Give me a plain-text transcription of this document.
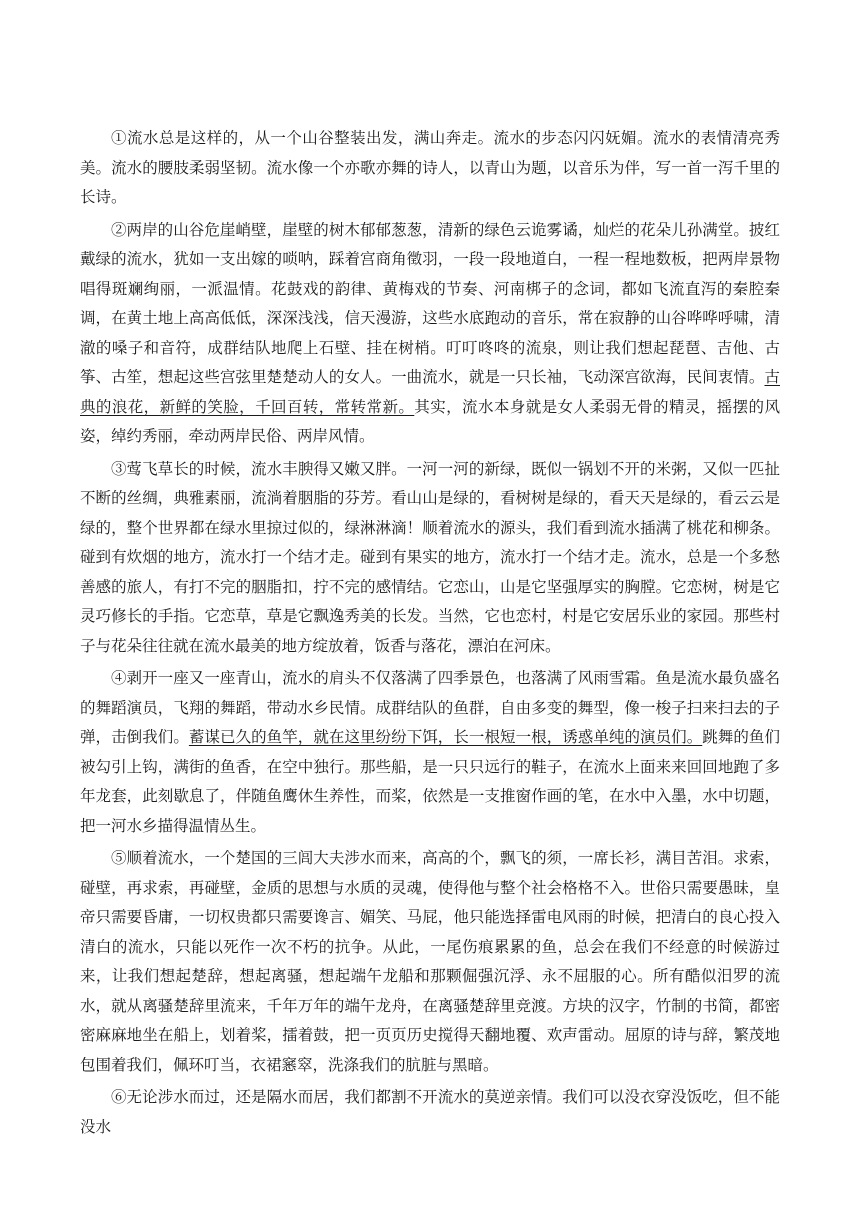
①流水总是这样的，从一个山谷整装出发，满山奔走。流水的步态闪闪妩媚。流水的表情清亮秀美。流水的腰肢柔弱坚韧。流水像一个亦歌亦舞的诗人，以青山为题，以音乐为伴，写一首一泻千里的长诗。

②两岸的山谷危崖峭壁，崖壁的树木郁郁葱葱，清新的绿色云诡雾谲，灿烂的花朵儿孙满堂。披红戴绿的流水，犹如一支出嫁的唢呐，踩着宫商角徵羽，一段一段地道白，一程一程地数板，把两岸景物唱得斑斓绚丽，一派温情。花鼓戏的韵律、黄梅戏的节奏、河南梆子的念词，都如飞流直泻的秦腔秦调，在黄土地上高高低低，深深浅浅，信天漫游，这些水底跑动的音乐，常在寂静的山谷哗哗呼啸，清澈的嗓子和音符，成群结队地爬上石壁、挂在树梢。叮叮咚咚的流泉，则让我们想起琵琶、吉他、古筝、古笙，想起这些宫弦里楚楚动人的女人。一曲流水，就是一只长袖，飞动深宫欲海，民间衷情。古典的浪花，新鲜的笑脸，千回百转，常转常新。其实，流水本身就是女人柔弱无骨的精灵，摇摆的风姿，绰约秀丽，牵动两岸民俗、两岸风情。

③莺飞草长的时候，流水丰腴得又嫩又胖。一河一河的新绿，既似一锅划不开的米粥，又似一匹扯不断的丝绸，典雅素丽，流淌着胭脂的芬芳。看山山是绿的，看树树是绿的，看天天是绿的，看云云是绿的，整个世界都在绿水里掠过似的，绿淋淋滴！顺着流水的源头，我们看到流水插满了桃花和柳条。碰到有炊烟的地方，流水打一个结才走。碰到有果实的地方，流水打一个结才走。流水，总是一个多愁善感的旅人，有打不完的胭脂扣，拧不完的感情结。它恋山，山是它坚强厚实的胸膛。它恋树，树是它灵巧修长的手指。它恋草，草是它飘逸秀美的长发。当然，它也恋村，村是它安居乐业的家园。那些村子与花朵往往就在流水最美的地方绽放着，饭香与落花，漂泊在河床。

④剥开一座又一座青山，流水的肩头不仅落满了四季景色，也落满了风雨雪霜。鱼是流水最负盛名的舞蹈演员，飞翔的舞蹈，带动水乡民情。成群结队的鱼群，自由多变的舞型，像一梭子扫来扫去的子弹，击倒我们。蓄谋已久的鱼竿，就在这里纷纷下饵，长一根短一根，诱惑单纯的演员们。跳舞的鱼们被勾引上钩，满街的鱼香，在空中独行。那些船，是一只只远行的鞋子，在流水上面来来回回地跑了多年龙套，此刻歇息了，伴随鱼鹰休生养性，而桨，依然是一支推窗作画的笔，在水中入墨，水中切题，把一河水乡描得温情丛生。

⑤顺着流水，一个楚国的三闾大夫涉水而来，高高的个，飘飞的须，一席长衫，满目苦泪。求索，碰壁，再求索，再碰壁，金质的思想与水质的灵魂，使得他与整个社会格格不入。世俗只需要愚昧，皇帝只需要昏庸，一切权贵都只需要谗言、媚笑、马屁，他只能选择雷电风雨的时候，把清白的良心投入清白的流水，只能以死作一次不朽的抗争。从此，一尾伤痕累累的鱼，总会在我们不经意的时候游过来，让我们想起楚辞，想起离骚，想起端午龙船和那颗倔强沉浮、永不屈服的心。所有酷似汨罗的流水，就从离骚楚辞里流来，千年万年的端午龙舟，在离骚楚辞里竞渡。方块的汉字，竹制的书简，都密密麻麻地坐在船上，划着桨，擂着鼓，把一页页历史搅得天翻地覆、欢声雷动。屈原的诗与辞，繁茂地包围着我们，佩环叮当，衣裙窸窣，洗涤我们的肮脏与黑暗。

⑥无论涉水而过，还是隔水而居，我们都割不开流水的莫逆亲情。我们可以没衣穿没饭吃，但不能没水
